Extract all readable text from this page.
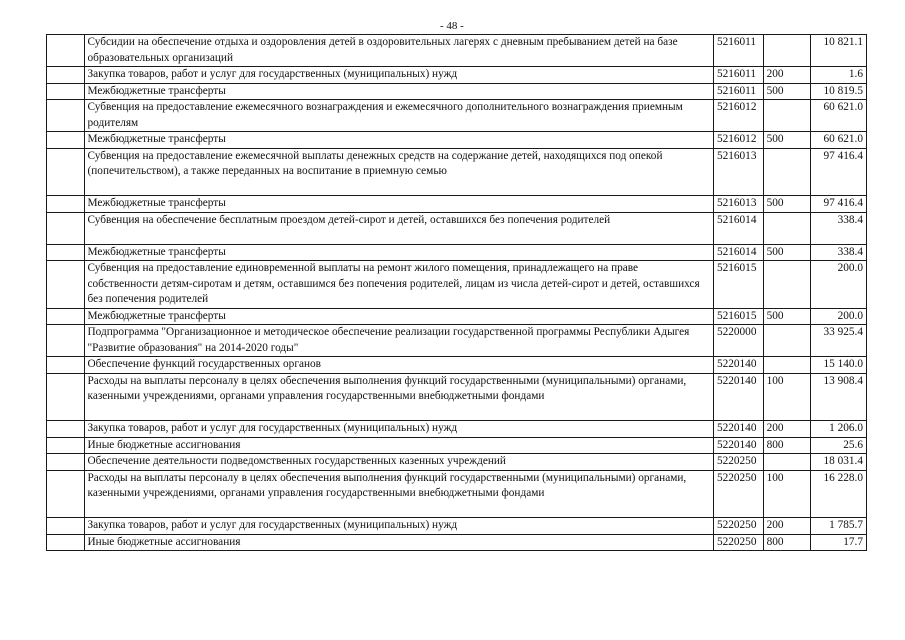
- 48 -
	Субсидии на обеспечение отдыха и оздоровления детей в оздоровительных лагерях с дневным пребыванием детей на базе образовательных организаций	5216011		10 821.1
	Закупка товаров, работ и услуг для государственных (муниципальных) нужд	5216011	200	1.6
	Межбюджетные трансферты	5216011	500	10 819.5
	Субвенция на предоставление ежемесячного вознаграждения и ежемесячного дополнительного вознаграждения приемным родителям	5216012		60 621.0
	Межбюджетные трансферты	5216012	500	60 621.0
	Субвенция на предоставление ежемесячной выплаты денежных средств на содержание детей, находящихся под опекой (попечительством), а также переданных на воспитание в приемную семью	5216013		97 416.4
	Межбюджетные трансферты	5216013	500	97 416.4
	Субвенция на обеспечение бесплатным проездом детей-сирот и детей, оставшихся без попечения родителей	5216014		338.4
	Межбюджетные трансферты	5216014	500	338.4
	Субвенция на предоставление единовременной выплаты на ремонт жилого помещения, принадлежащего на праве собственности детям-сиротам и детям, оставшимся без попечения родителей, лицам из числа детей-сирот и детей, оставшихся без попечения родителей	5216015		200.0
	Межбюджетные трансферты	5216015	500	200.0
	Подпрограмма "Организационное и методическое обеспечение реализации государственной программы Республики Адыгея "Развитие образования" на 2014-2020 годы"	5220000		33 925.4
	Обеспечение функций государственных органов	5220140		15 140.0
	Расходы на выплаты персоналу в целях обеспечения выполнения функций государственными (муниципальными) органами, казенными учреждениями, органами управления государственными внебюджетными фондами	5220140	100	13 908.4
	Закупка товаров, работ и услуг для государственных (муниципальных) нужд	5220140	200	1 206.0
	Иные бюджетные ассигнования	5220140	800	25.6
	Обеспечение деятельности подведомственных государственных казенных учреждений	5220250		18 031.4
	Расходы на выплаты персоналу в целях обеспечения выполнения функций государственными (муниципальными) органами, казенными учреждениями, органами управления государственными внебюджетными фондами	5220250	100	16 228.0
	Закупка товаров, работ и услуг для государственных (муниципальных) нужд	5220250	200	1 785.7
	Иные бюджетные ассигнования	5220250	800	17.7
